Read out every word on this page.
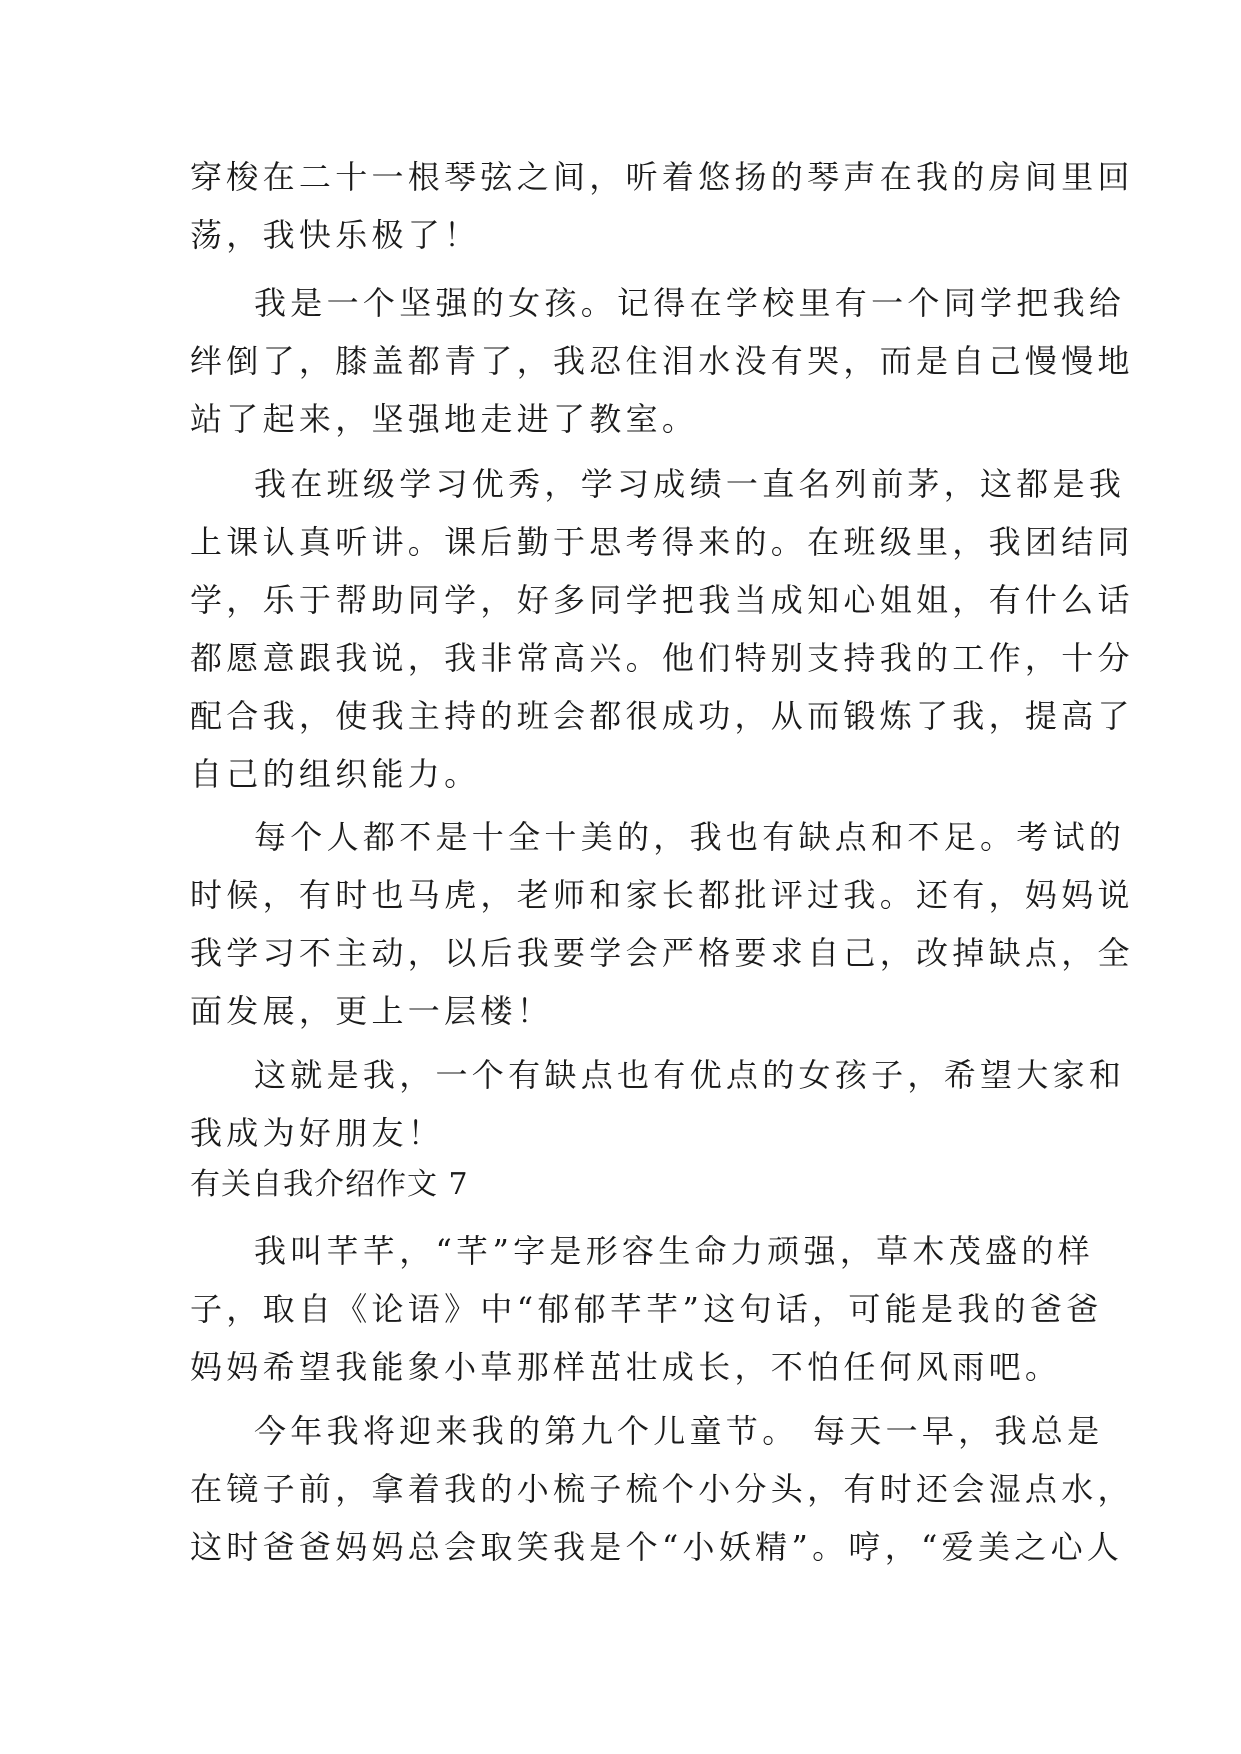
穿梭在二十一根琴弦之间，听着悠扬的琴声在我的房间里回
荡，我快乐极了！
我是一个坚强的女孩。记得在学校里有一个同学把我给
绊倒了，膝盖都青了，我忍住泪水没有哭，而是自己慢慢地
站了起来，坚强地走进了教室。
我在班级学习优秀，学习成绩一直名列前茅，这都是我
上课认真听讲。课后勤于思考得来的。在班级里，我团结同
学，乐于帮助同学，好多同学把我当成知心姐姐，有什么话
都愿意跟我说，我非常高兴。他们特别支持我的工作，十分
配合我，使我主持的班会都很成功，从而锻炼了我，提高了
自己的组织能力。
每个人都不是十全十美的，我也有缺点和不足。考试的
时候，有时也马虎，老师和家长都批评过我。还有，妈妈说
我学习不主动，以后我要学会严格要求自己，改掉缺点，全
面发展，更上一层楼！
这就是我，一个有缺点也有优点的女孩子，希望大家和
我成为好朋友！
有关自我介绍作文 7
我叫芊芊，“芊”字是形容生命力顽强，草木茂盛的样
子，取自《论语》中“郁郁芊芊”这句话，可能是我的爸爸
妈妈希望我能象小草那样茁壮成长，不怕任何风雨吧。
今年我将迎来我的第九个儿童节。 每天一早，我总是
在镜子前，拿着我的小梳子梳个小分头，有时还会湿点水，
这时爸爸妈妈总会取笑我是个“小妖精”。哼，“爱美之心人
